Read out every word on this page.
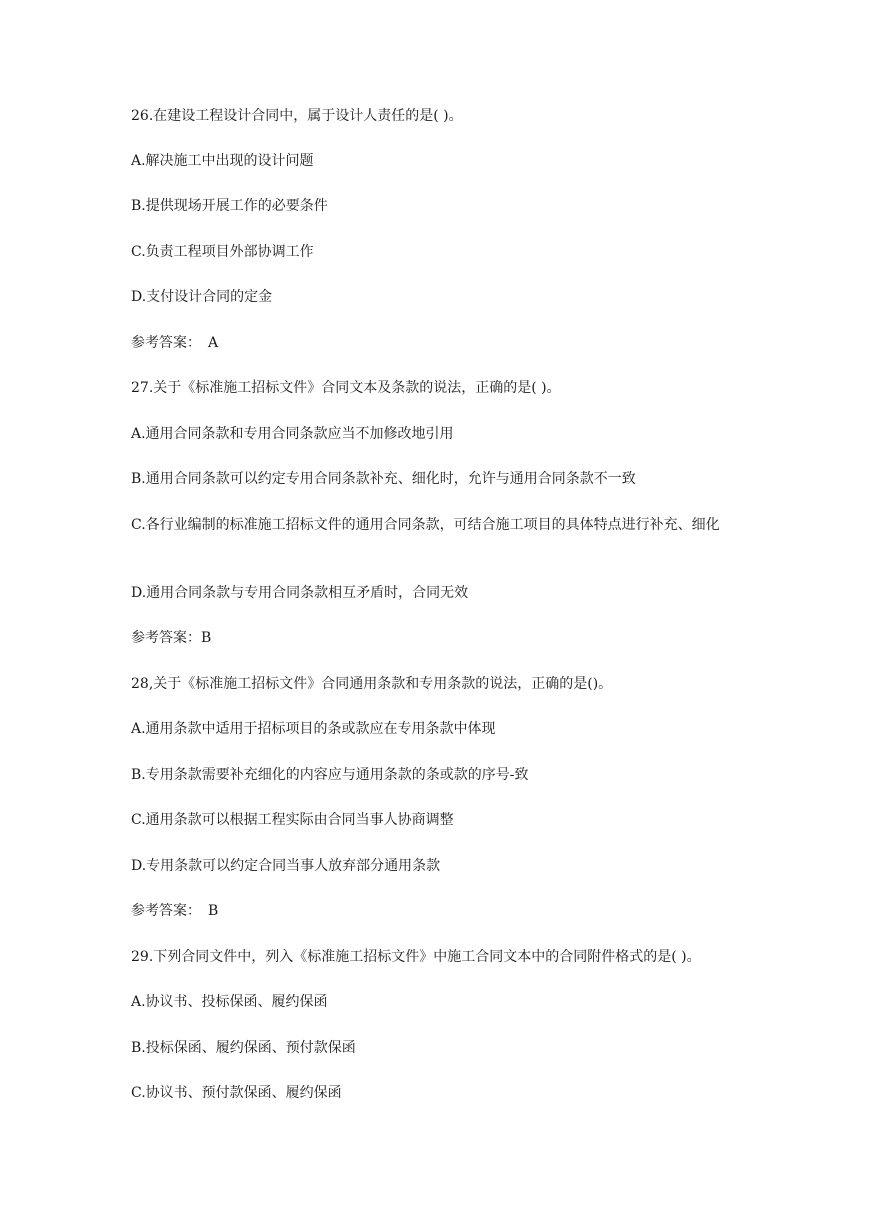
26.在建设工程设计合同中，属于设计人责任的是( )。
A.解决施工中出现的设计问题
B.提供现场开展工作的必要条件
C.负责工程项目外部协调工作
D.支付设计合同的定金
参考答案：　A
27.关于《标准施工招标文件》合同文本及条款的说法，正确的是( )。
A.通用合同条款和专用合同条款应当不加修改地引用
B.通用合同条款可以约定专用合同条款补充、细化时，允许与通用合同条款不一致
C.各行业编制的标准施工招标文件的通用合同条款，可结合施工项目的具体特点进行补充、细化
D.通用合同条款与专用合同条款相互矛盾时，合同无效
参考答案：B
28,关于《标准施工招标文件》合同通用条款和专用条款的说法，正确的是()。
A.通用条款中适用于招标项目的条或款应在专用条款中体现
B.专用条款需要补充细化的内容应与通用条款的条或款的序号-致
C.通用条款可以根据工程实际由合同当事人协商调整
D.专用条款可以约定合同当事人放弃部分通用条款
参考答案：　B
29.下列合同文件中，列入《标准施工招标文件》中施工合同文本中的合同附件格式的是( )。
A.协议书、投标保函、履约保函
B.投标保函、履约保函、预付款保函
C.协议书、预付款保函、履约保函
